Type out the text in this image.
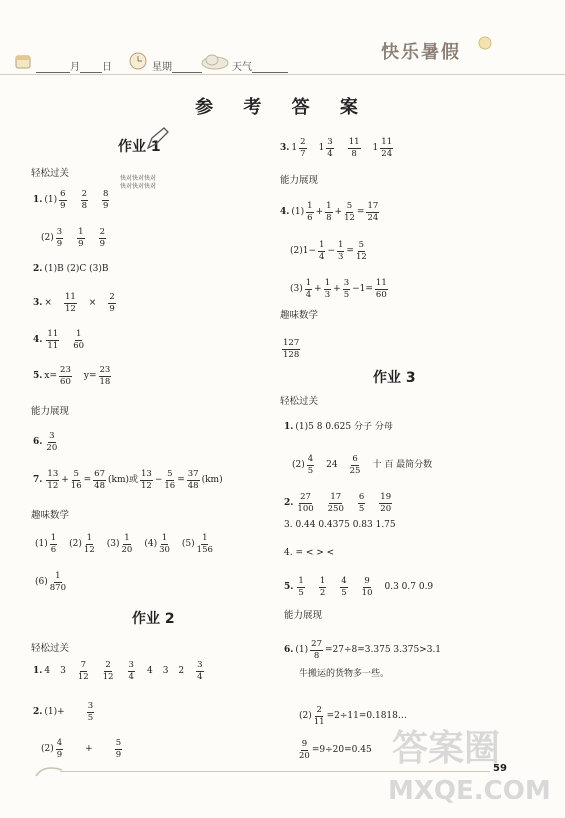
月 日	星期	天气
快乐暑假
参 考 答 案
作业 1
快对快对快对
快对快对快对
轻松过关
1. (1)
6
9
2
8
8
9
(2)
3
9
1
9
2
9
2. (1)B (2)C (3)B
3. ×
11
12
×
2
9
4.
11
11
1
60
5. $x= \frac{23}{60} y= \frac{23}{18}$
能力展现
6.
3
20
7.
13
12
+ $\frac{5}{16} = \frac{67}{48} (km)$或
13
12
− $\frac{5}{16} = \frac{37}{48} (km)$
趣味数学
(1)
1
6
(2)
1
12
(3)
1
20
(4)
1
30
(5)
1
156
(6)
1
870
作业 2
轻松过关
1. 4 3
7
12
2
12
3
4
4 3 2
3
4
2. (1)+
3
5
(2)
4
9
+
5
9
3. 1
2
7
1
3
4
11
8
1
11
24
能力展现
4. (1)
1
6
+ $\frac{1}{8} + \frac{5}{12} = \frac{17}{24}$
$(2)1- \frac{1}{4} - \frac{1}{3} = \frac{5}{12}$
(3)
1
4
+ $\frac{1}{3} + \frac{3}{5} -1= \frac{11}{60}$
趣味数学
127
128
作业 3
轻松过关
1. (1)5 8 0.625 分子 分母
(2)
4
5
24
6
25
十 百 最简分数
2.
27
100
17
250
6
5
19
20
3. 0.44 0.4375 0.83 1.75
4. = < > <
5.
1
5
1
2
4
5
9
10
0.3 0.7 0.9
能力展现
6. $(1) \frac{27}{8} =27\div 8=3.375$ 3.375>3.1
牛搬运的货物多一些。
$(2) \frac{2}{11}$ =2÷11=0.1818…
$\frac{9}{20} =9\div 20=0.45$
59
答案圈
MXQE.COM
